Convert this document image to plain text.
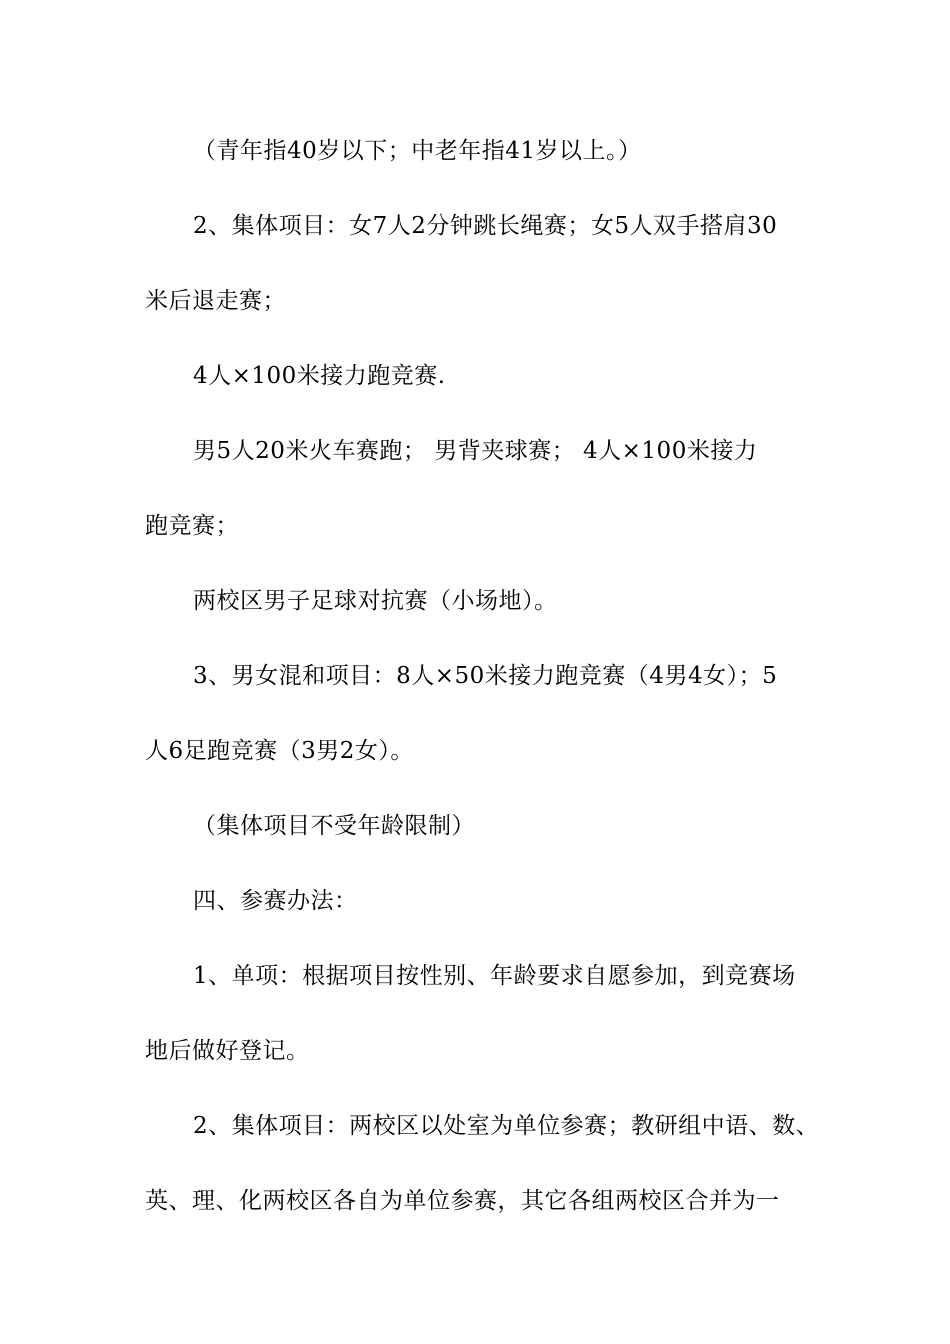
（青年指40岁以下；中老年指41岁以上。）
2、集体项目：女7人2分钟跳长绳赛；女5人双手搭肩30
米后退走赛；
4人×100米接力跑竞赛.
男5人20米火车赛跑； 男背夹球赛； 4人×100米接力
跑竞赛；
两校区男子足球对抗赛（小场地）。
3、男女混和项目：8人×50米接力跑竞赛（4男4女）；5
人6足跑竞赛（3男2女）。
（集体项目不受年龄限制）
四、参赛办法：
1、单项：根据项目按性别、年龄要求自愿参加，到竞赛场
地后做好登记。
2、集体项目：两校区以处室为单位参赛；教研组中语、数、
英、理、化两校区各自为单位参赛，其它各组两校区合并为一
